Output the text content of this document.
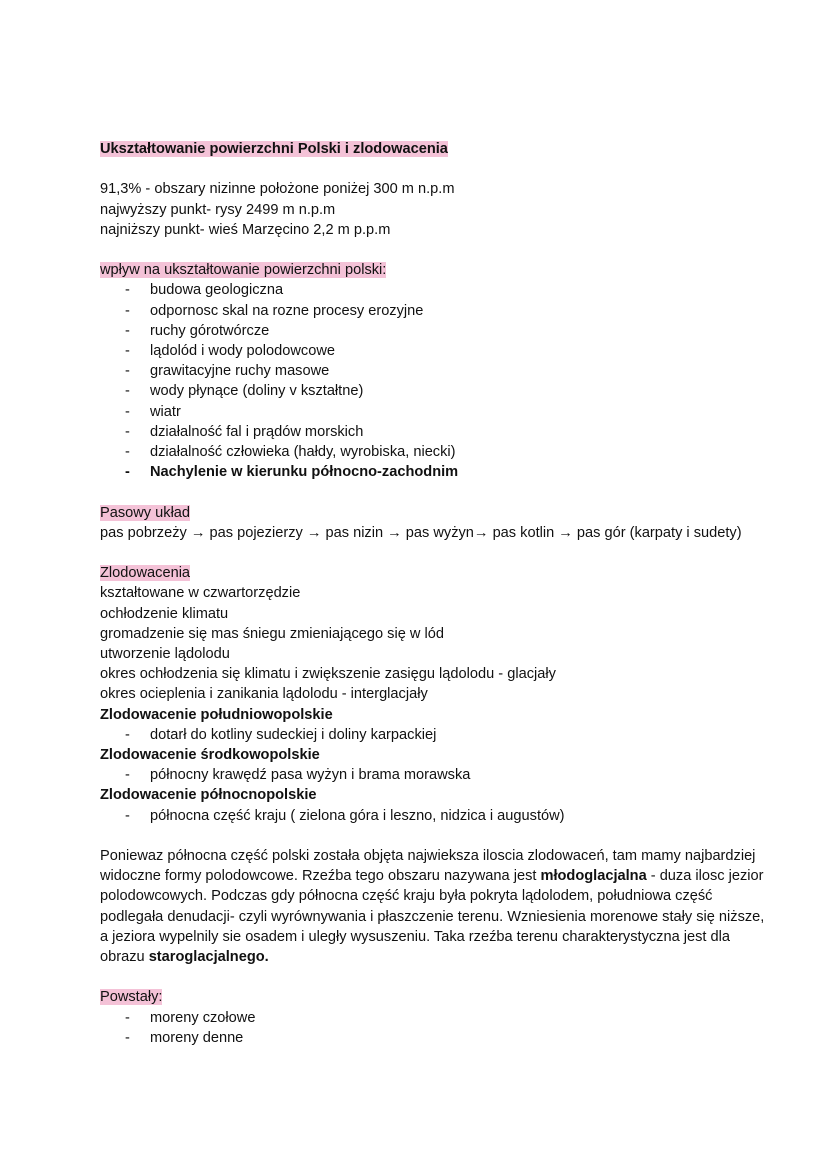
Ukształtowanie powierzchni Polski i zlodowacenia

91,3% - obszary nizinne położone poniżej 300 m n.p.m

najwyższy punkt- rysy 2499 m n.p.m

najniższy punkt- wieś Marzęcino 2,2 m p.p.m

wpływ na ukształtowanie powierzchni polski:

- budowa geologiczna
- odpornosc skal na rozne procesy erozyjne
- ruchy górotwórcze
- lądolód i wody polodowcowe
- grawitacyjne ruchy masowe
- wody płynące (doliny v kształtne)
- wiatr
- działalność fal i prądów morskich
- działalność człowieka (hałdy, wyrobiska, niecki)
- Nachylenie w kierunku północno-zachodnim

Pasowy układ

pas pobrzeży → pas pojezierzy → pas nizin → pas wyżyn→ pas kotlin → pas gór (karpaty i sudety)

Zlodowacenia

kształtowane w czwartorzędzie

ochłodzenie klimatu

gromadzenie się mas śniegu zmieniającego się w lód

utworzenie lądolodu

okres ochłodzenia się klimatu i zwiększenie zasięgu lądolodu - glacjały

okres ocieplenia i zanikania lądolodu - interglacjały

Zlodowacenie południowopolskie

- dotarł do kotliny sudeckiej i doliny karpackiej

Zlodowacenie środkowopolskie

- północny krawędź pasa wyżyn i brama morawska

Zlodowacenie północnopolskie

- północna część kraju ( zielona góra i leszno, nidzica i augustów)

Poniewaz północna część polski została objęta najwieksza iloscia zlodowaceń, tam mamy najbardziej widoczne formy polodowcowe. Rzeźba tego obszaru nazywana jest młodoglacjalna - duza ilosc jezior polodowcowych. Podczas gdy północna część kraju była pokryta lądolodem, południowa część podlegała denudacji- czyli wyrównywania i płaszczenie terenu. Wzniesienia morenowe stały się niższe, a jeziora wypelnily sie osadem i uległy wysuszeniu. Taka rzeźba terenu charakterystyczna jest dla obrazu staroglacjalnego.

Powstały:

- moreny czołowe
- moreny denne
